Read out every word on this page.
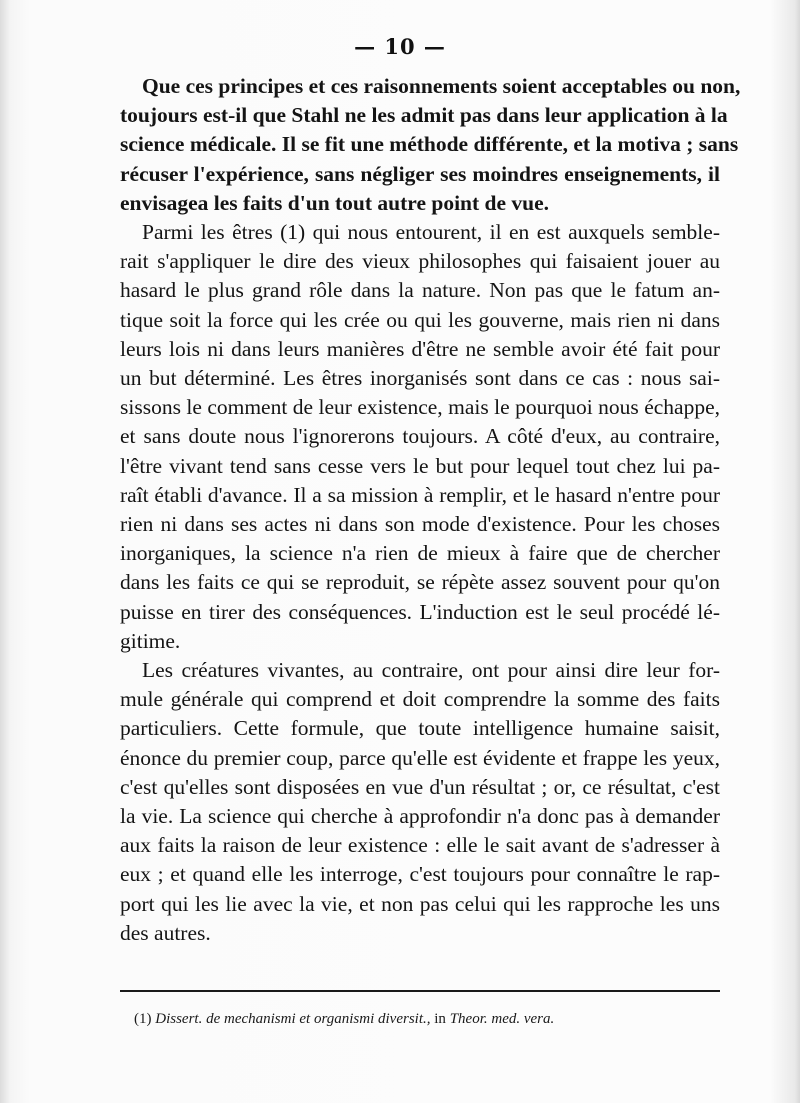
— 10 —
Que ces principes et ces raisonnements soient acceptables ou non,
toujours est-il que Stahl ne les admit pas dans leur application à la
science médicale. Il se fit une méthode différente, et la motiva ; sans
récuser l'expérience, sans négliger ses moindres enseignements, il
envisagea les faits d'un tout autre point de vue.
Parmi les êtres (1) qui nous entourent, il en est auxquels semble-
rait s'appliquer le dire des vieux philosophes qui faisaient jouer au
hasard le plus grand rôle dans la nature. Non pas que le fatum an-
tique soit la force qui les crée ou qui les gouverne, mais rien ni dans
leurs lois ni dans leurs manières d'être ne semble avoir été fait pour
un but déterminé. Les êtres inorganisés sont dans ce cas : nous sai-
sissons le comment de leur existence, mais le pourquoi nous échappe,
et sans doute nous l'ignorerons toujours. A côté d'eux, au contraire,
l'être vivant tend sans cesse vers le but pour lequel tout chez lui pa-
raît établi d'avance. Il a sa mission à remplir, et le hasard n'entre pour
rien ni dans ses actes ni dans son mode d'existence. Pour les choses
inorganiques, la science n'a rien de mieux à faire que de chercher
dans les faits ce qui se reproduit, se répète assez souvent pour qu'on
puisse en tirer des conséquences. L'induction est le seul procédé lé-
gitime.
Les créatures vivantes, au contraire, ont pour ainsi dire leur for-
mule générale qui comprend et doit comprendre la somme des faits
particuliers. Cette formule, que toute intelligence humaine saisit,
énonce du premier coup, parce qu'elle est évidente et frappe les yeux,
c'est qu'elles sont disposées en vue d'un résultat ; or, ce résultat, c'est
la vie. La science qui cherche à approfondir n'a donc pas à demander
aux faits la raison de leur existence : elle le sait avant de s'adresser à
eux ; et quand elle les interroge, c'est toujours pour connaître le rap-
port qui les lie avec la vie, et non pas celui qui les rapproche les uns
des autres.
(1) Dissert. de mechanismi et organismi diversit., in Theor. med. vera.
